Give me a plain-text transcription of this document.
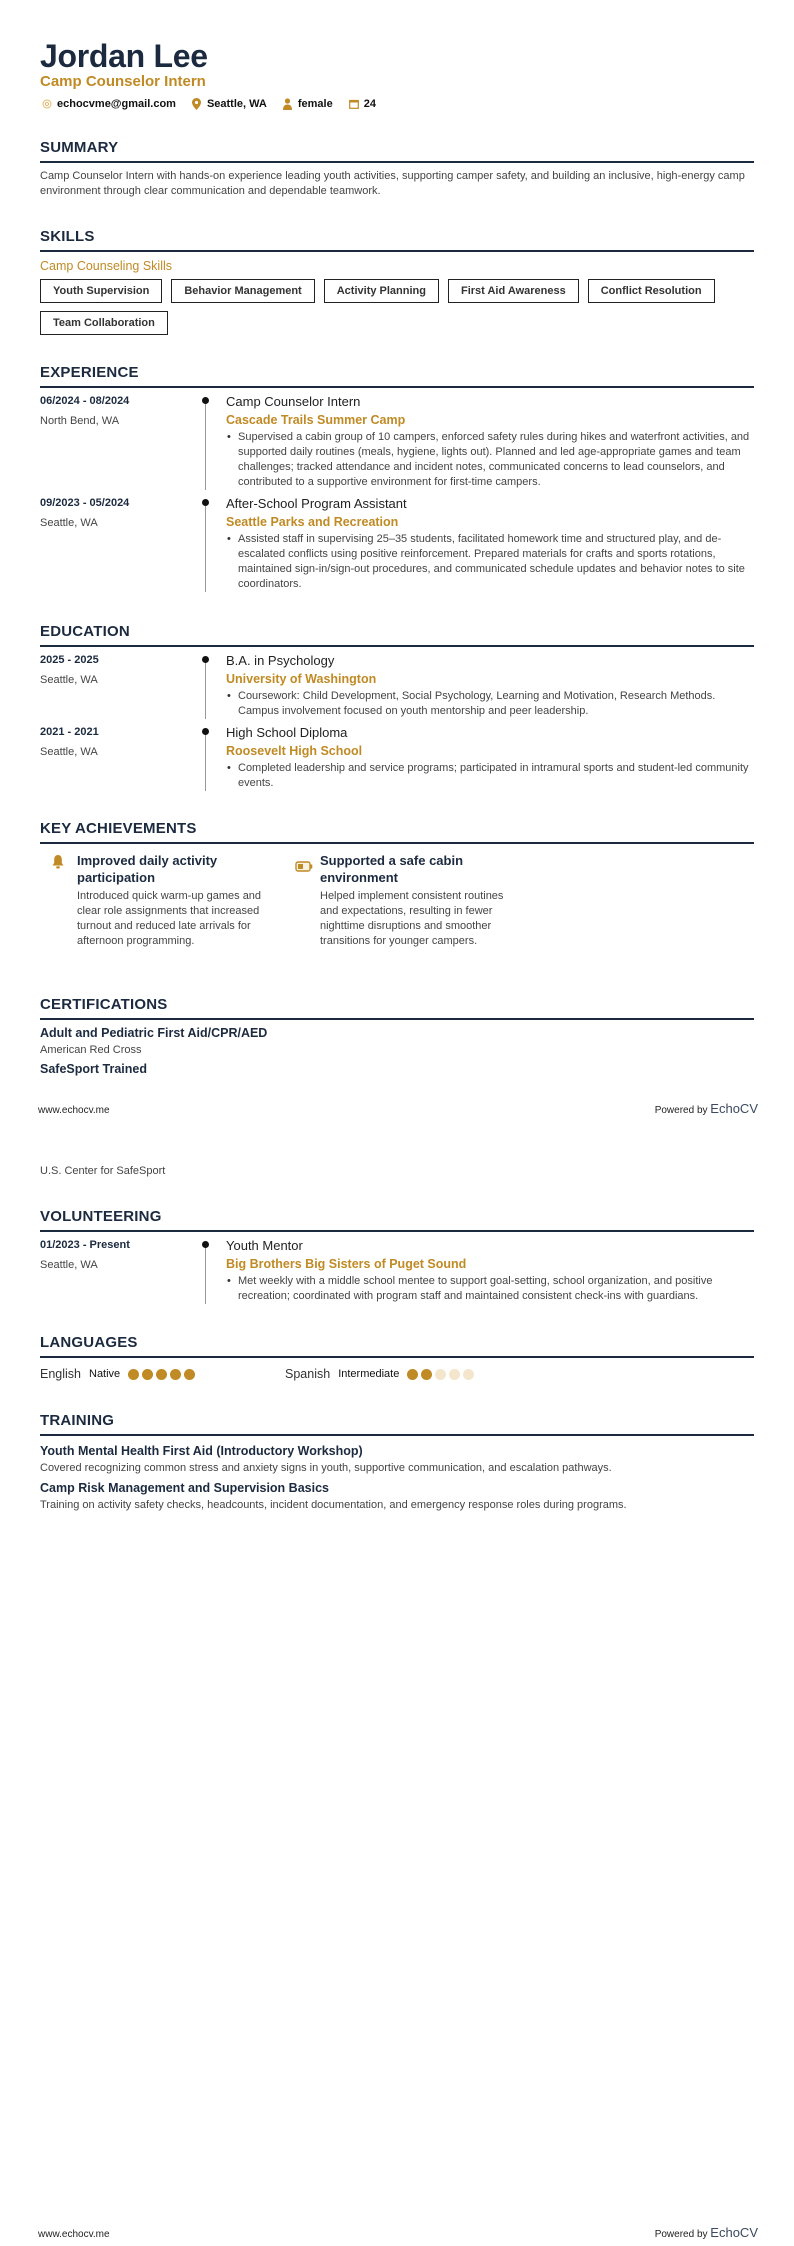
Jordan Lee
Camp Counselor Intern
echocvme@gmail.com	Seattle, WA	female	24
SUMMARY
Camp Counselor Intern with hands-on experience leading youth activities, supporting camper safety, and building an inclusive, high-energy camp environment through clear communication and dependable teamwork.
SKILLS
Camp Counseling Skills
Youth Supervision	Behavior Management	Activity Planning	First Aid Awareness	Conflict Resolution
Team Collaboration
EXPERIENCE
06/2024 - 08/2024
North Bend, WA
Camp Counselor Intern
Cascade Trails Summer Camp
• Supervised a cabin group of 10 campers, enforced safety rules during hikes and waterfront activities, and supported daily routines (meals, hygiene, lights out). Planned and led age-appropriate games and team challenges; tracked attendance and incident notes, communicated concerns to lead counselors, and contributed to a supportive environment for first-time campers.
09/2023 - 05/2024
Seattle, WA
After-School Program Assistant
Seattle Parks and Recreation
• Assisted staff in supervising 25–35 students, facilitated homework time and structured play, and de-escalated conflicts using positive reinforcement. Prepared materials for crafts and sports rotations, maintained sign-in/sign-out procedures, and communicated schedule updates and behavior notes to site coordinators.
EDUCATION
2025 - 2025
Seattle, WA
B.A. in Psychology
University of Washington
• Coursework: Child Development, Social Psychology, Learning and Motivation, Research Methods. Campus involvement focused on youth mentorship and peer leadership.
2021 - 2021
Seattle, WA
High School Diploma
Roosevelt High School
• Completed leadership and service programs; participated in intramural sports and student-led community events.
KEY ACHIEVEMENTS
Improved daily activity participation
Introduced quick warm-up games and clear role assignments that increased turnout and reduced late arrivals for afternoon programming.
Supported a safe cabin environment
Helped implement consistent routines and expectations, resulting in fewer nighttime disruptions and smoother transitions for younger campers.
CERTIFICATIONS
Adult and Pediatric First Aid/CPR/AED
American Red Cross
SafeSport Trained
www.echocv.me	Powered by EchoCV
U.S. Center for SafeSport
VOLUNTEERING
01/2023 - Present
Seattle, WA
Youth Mentor
Big Brothers Big Sisters of Puget Sound
• Met weekly with a middle school mentee to support goal-setting, school organization, and positive recreation; coordinated with program staff and maintained consistent check-ins with guardians.
LANGUAGES
English Native	Spanish Intermediate
TRAINING
Youth Mental Health First Aid (Introductory Workshop)
Covered recognizing common stress and anxiety signs in youth, supportive communication, and escalation pathways.
Camp Risk Management and Supervision Basics
Training on activity safety checks, headcounts, incident documentation, and emergency response roles during programs.
www.echocv.me	Powered by EchoCV
